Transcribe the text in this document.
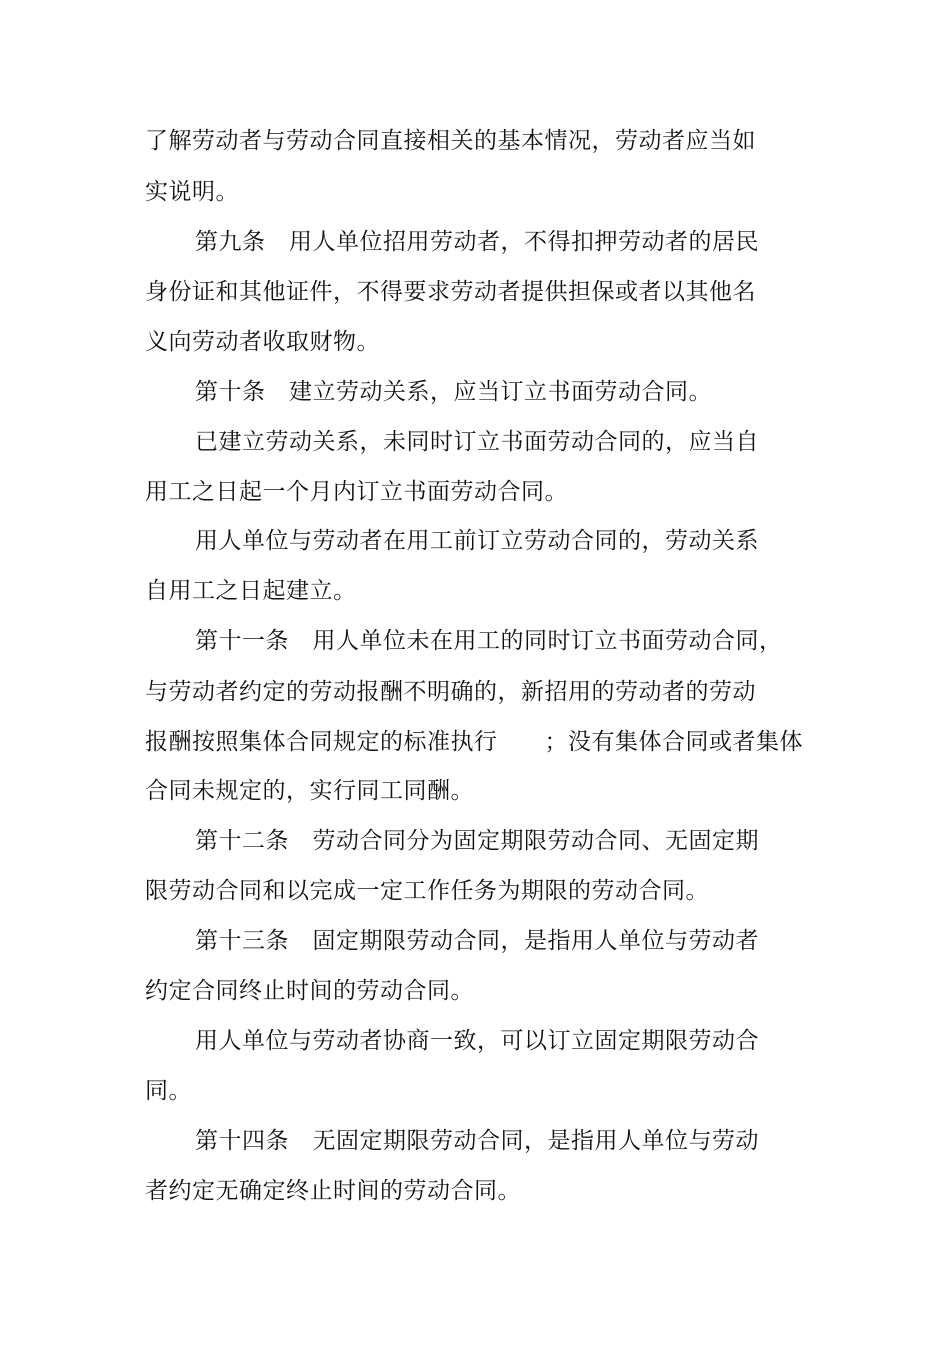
了解劳动者与劳动合同直接相关的基本情况，劳动者应当如
实说明。
第九条　用人单位招用劳动者，不得扣押劳动者的居民
身份证和其他证件，不得要求劳动者提供担保或者以其他名
义向劳动者收取财物。
第十条　建立劳动关系，应当订立书面劳动合同。
已建立劳动关系，未同时订立书面劳动合同的，应当自
用工之日起一个月内订立书面劳动合同。
用人单位与劳动者在用工前订立劳动合同的，劳动关系
自用工之日起建立。
第十一条　用人单位未在用工的同时订立书面劳动合同，
与劳动者约定的劳动报酬不明确的，新招用的劳动者的劳动
报酬按照集体合同规定的标准执行　　；没有集体合同或者集体
合同未规定的，实行同工同酬。
第十二条　劳动合同分为固定期限劳动合同、无固定期
限劳动合同和以完成一定工作任务为期限的劳动合同。
第十三条　固定期限劳动合同，是指用人单位与劳动者
约定合同终止时间的劳动合同。
用人单位与劳动者协商一致，可以订立固定期限劳动合
同。
第十四条　无固定期限劳动合同，是指用人单位与劳动
者约定无确定终止时间的劳动合同。
